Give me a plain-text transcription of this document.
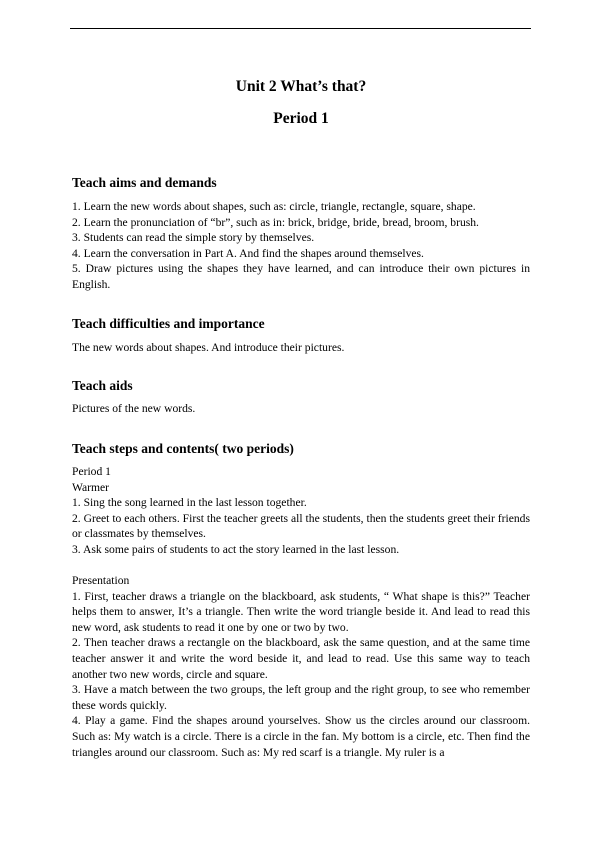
Unit 2 What’s that?
Period 1
Teach aims and demands

1. Learn the new words about shapes, such as: circle, triangle, rectangle, square, shape.

2. Learn the pronunciation of “br”, such as in: brick, bridge, bride, bread, broom, brush.

3. Students can read the simple story by themselves.

4. Learn the conversation in Part A. And find the shapes around themselves.

5. Draw pictures using the shapes they have learned, and can introduce their own pictures in English.

Teach difficulties and importance

The new words about shapes. And introduce their pictures.

Teach aids

Pictures of the new words.

Teach steps and contents( two periods)

Period 1

Warmer

1. Sing the song learned in the last lesson together.

2. Greet to each others. First the teacher greets all the students, then the students greet their friends or classmates by themselves.

3. Ask some pairs of students to act the story learned in the last lesson.

Presentation

1. First, teacher draws a triangle on the blackboard, ask students, “ What shape is this?” Teacher helps them to answer, It’s a triangle. Then write the word triangle beside it. And lead to read this new word, ask students to read it one by one or two by two.

2. Then teacher draws a rectangle on the blackboard, ask the same question, and at the same time teacher answer it and write the word beside it, and lead to read. Use this same way to teach another two new words, circle and square.

3. Have a match between the two groups, the left group and the right group, to see who remember these words quickly.

4. Play a game. Find the shapes around yourselves. Show us the circles around our classroom. Such as: My watch is a circle. There is a circle in the fan. My bottom is a circle, etc. Then find the triangles around our classroom. Such as: My red scarf is a triangle. My ruler is a
